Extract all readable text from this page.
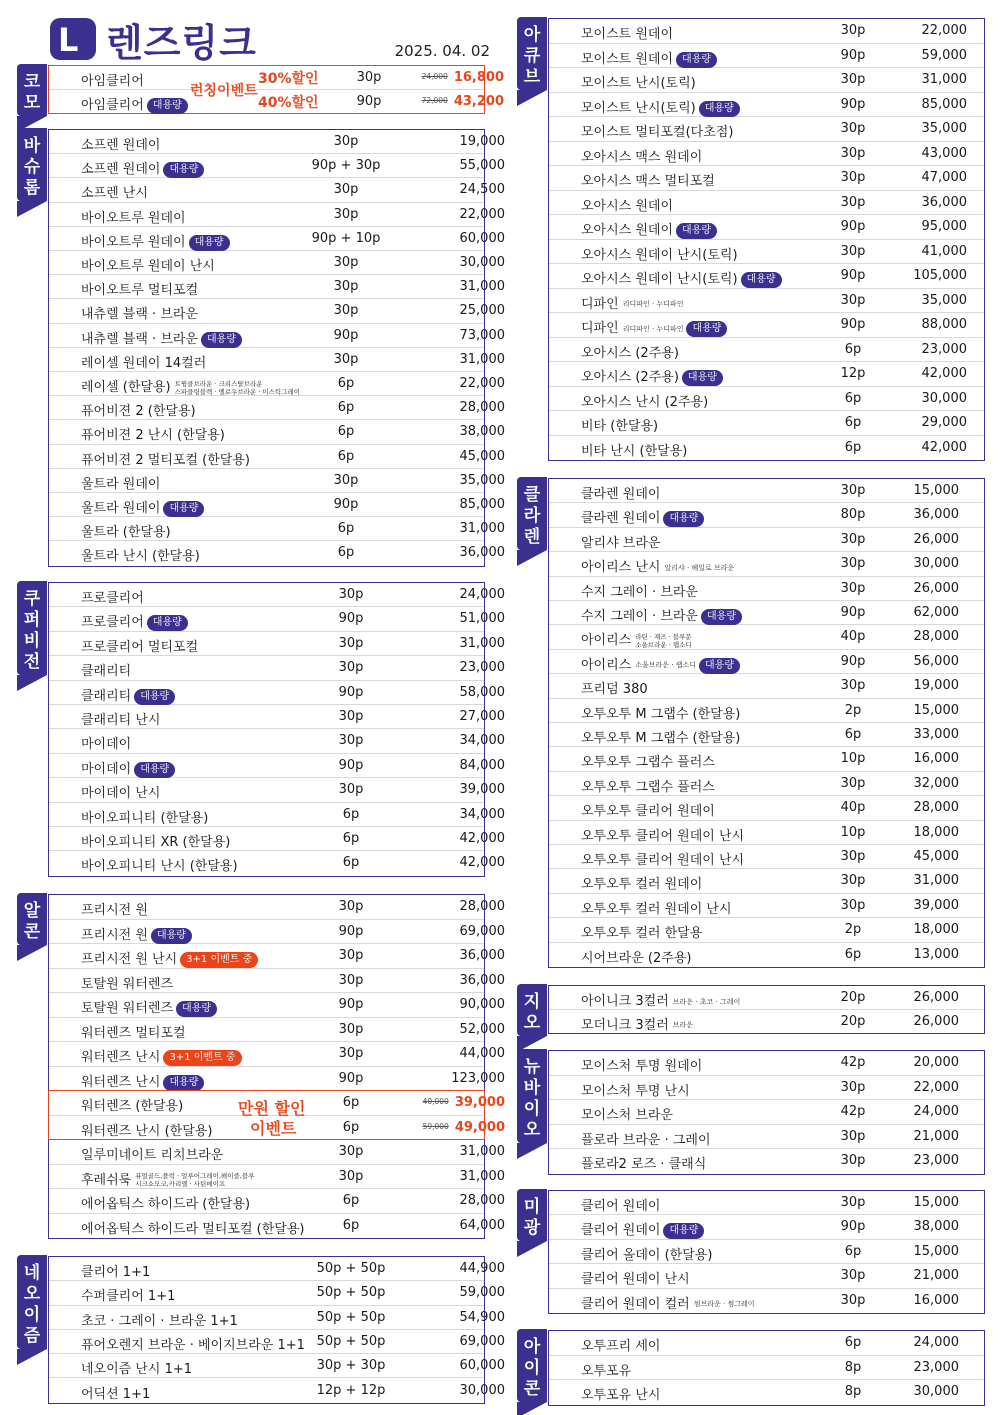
L 렌즈링크	2025. 04. 02
코
모
아임클리어	30p	24,000 16,800
아임클리어 대용량	90p	72,000 43,200
바
슈
롬
소프렌 원데이	30p	19,000
소프렌 원데이 대용량	90p + 30p	55,000
소프렌 난시	30p	24,500
바이오트루 원데이	30p	22,000
바이오트루 원데이 대용량	90p + 10p	60,000
바이오트루 원데이 난시	30p	30,000
바이오트루 멀티포컬	30p	31,000
내츄렐 블랙 · 브라운	30p	25,000
내츄렐 블랙 · 브라운 대용량	90p	73,000
레이셀 원데이 14컬러	30p	31,000
레이셀 (한달용) 트윙클브라운 · 크리스탈브라운
스파클링블랙 · 멜로우브라운 · 미스틱그레이
6p	22,000
퓨어비젼 2 (한달용)	6p	28,000
퓨어비젼 2 난시 (한달용)	6p	38,000
퓨어비젼 2 멀티포컬 (한달용)	6p	45,000
울트라 원데이	30p	35,000
울트라 원데이 대용량	90p	85,000
울트라 (한달용)	6p	31,000
울트라 난시 (한달용)	6p	36,000
쿠
퍼
비
전
프로클리어	30p	24,000
프로클리어 대용량	90p	51,000
프로클리어 멀티포컬	30p	31,000
클래리티	30p	23,000
클래리티 대용량	90p	58,000
클래리티 난시	30p	27,000
마이데이	30p	34,000
마이데이 대용량	90p	84,000
마이데이 난시	30p	39,000
바이오피니티 (한달용)	6p	34,000
바이오피니티 XR (한달용)	6p	42,000
바이오피니티 난시 (한달용)	6p	42,000
알
콘
프리시전 원	30p	28,000
프리시전 원 대용량	90p	69,000
프리시전 원 난시 3+1 이벤트 중	30p	36,000
토탈원 워터렌즈	30p	36,000
토탈원 워터렌즈 대용량	90p	90,000
워터렌즈 멀티포컬	30p	52,000
워터렌즈 난시 3+1 이벤트 중	30p	44,000
워터렌즈 난시 대용량	90p	123,000
워터렌즈 (한달용)	6p	40,000 39,000
워터렌즈 난시 (한달용)	6p	59,000 49,000
일루미네이트 리치브라운	30p	31,000
후레쉬룩 퓨얼골드,플럭 · 얼루어그레이,헤이즐,블루
시크쇼모코,카리멜 · 사틴메이프
30p	31,000
에어옵틱스 하이드라 (한달용)	6p	28,000
에어옵틱스 하이드라 멀티포컬 (한달용)	6p	64,000
네
오
이
즘
클리어 1+1	50p + 50p	44,900
수퍼클리어 1+1	50p + 50p	59,000
초코 · 그레이 · 브라운 1+1	50p + 50p	54,900
퓨어오렌지 브라운 · 베이지브라운 1+1 50p + 50p	69,000
네오이즘 난시 1+1	30p + 30p	60,000
어딕션 1+1	12p + 12p	30,000
아
큐
브
모이스트 원데이	30p	22,000
모이스트 원데이 대용량	90p	59,000
모이스트 난시(토릭)	30p	31,000
모이스트 난시(토릭) 대용량	90p	85,000
모이스트 멀티포컬(다초점)	30p	35,000
오아시스 맥스 원데이	30p	43,000
오아시스 맥스 멀티포컬	30p	47,000
오아시스 원데이	30p	36,000
오아시스 원데이 대용량	90p	95,000
오아시스 원데이 난시(토릭)	30p	41,000
오아시스 원데이 난시(토릭) 대용량	90p	105,000
디파인 리디파인 · 누디파인	30p	35,000
디파인 리디파인 · 누디파인 대용량	90p	88,000
오아시스 (2주용)	6p	23,000
오아시스 (2주용) 대용량	12p	42,000
오아시스 난시 (2주용)	6p	30,000
비타 (한달용)	6p	29,000
비타 난시 (한달용)	6p	42,000
클
라
렌
클라렌 원데이	30p	15,000
클라렌 원데이 대용량	80p	36,000
알리샤 브라운	30p	26,000
아이리스 난시 알리샤 · 헤일로 브라운	30p	30,000
수지 그레이 · 브라운	30p	26,000
수지 그레이 · 브라운 대용량	90p	62,000
아이리스 라틴 · 재즈 · 블루문
소울브라운 · 랩소디
40p	28,000
아이리스 소울브라운 · 랩소디 대용량	90p	56,000
프리덤 380	30p	19,000
오투오투 M 그랩수 (한달용)	2p	15,000
오투오투 M 그랩수 (한달용)	6p	33,000
오투오투 그랩수 플러스	10p	16,000
오투오투 그랩수 플러스	30p	32,000
오투오투 클리어 원데이	40p	28,000
오투오투 클리어 원데이 난시	10p	18,000
오투오투 클리어 원데이 난시	30p	45,000
오투오투 컬러 원데이	30p	31,000
오투오투 컬러 원데이 난시	30p	39,000
오투오투 컬러 한달용	2p	18,000
시어브라운 (2주용)	6p	13,000
지
오
아이니크 3컬러 브라운 · 초코 · 그레이	20p	26,000
모더니크 3컬러 브라운	20p	26,000
뉴
바
이
오
모이스처 투명 원데이	42p	20,000
모이스처 투명 난시	30p	22,000
모이스처 브라운	42p	24,000
플로라 브라운 · 그레이	30p	21,000
플로라2 로즈 · 클래식	30p	23,000
미
광
클리어 원데이	30p	15,000
클리어 원데이 대용량	90p	38,000
클리어 올데이 (한달용)	6p	15,000
클리어 원데이 난시	30p	21,000
클리어 원데이 컬러 썸브라운 · 썸그레이	30p	16,000
아
이
콘
오투프리 세이	6p	24,000
오투포유	8p	23,000
오투포유 난시	8p	30,000
런칭이벤트
30%할인
40%할인
만원 할인
이벤트
